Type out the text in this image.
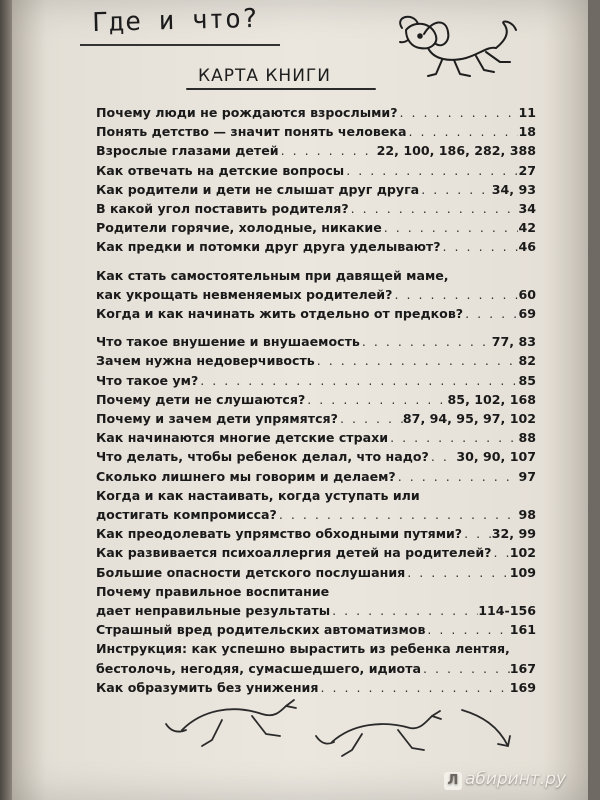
Где и что?
КАРТА КНИГИ
Почему люди не рождаются взрослыми? . . .	11
Понять детство — значит понять человека . . .	18
Взрослые глазами детей . . .	22, 100, 186, 282, 388
Как отвечать на детские вопросы . . .	27
Как родители и дети не слышат друг друга . . .	34, 93
В какой угол поставить родителя? . . .	34
Родители горячие, холодные, никакие . . .	42
Как предки и потомки друг друга уделывают? . . .	46
Как стать самостоятельным при давящей маме,
как укрощать невменяемых родителей? . . .	60
Когда и как начинать жить отдельно от предков? . . .	69
Что такое внушение и внушаемость . . .	77, 83
Зачем нужна недоверчивость . . .	82
Что такое ум? . . .	85
Почему дети не слушаются? . . .	85, 102, 168
Почему и зачем дети упрямятся? . . .	87, 94, 95, 97, 102
Как начинаются многие детские страхи . . .	88
Что делать, чтобы ребенок делал, что надо? . . . 30, 90, 107
Сколько лишнего мы говорим и делаем? . . .	97
Когда и как настаивать, когда уступать или
достигать компромисса? . . .	98
Как преодолевать упрямство обходными путями? . . . 32, 99
Как развивается психоаллергия детей на родителей? . . . 102
Большие опасности детского послушания . . .	109
Почему правильное воспитание
дает неправильные результаты . . .	114-156
Страшный вред родительских автоматизмов . . .	161
Инструкция: как успешно вырастить из ребенка лентяя,
бестолочь, негодяя, сумасшедшего, идиота . . .	167
Как образумить без унижения . . .	169
Л абиринт.ру
